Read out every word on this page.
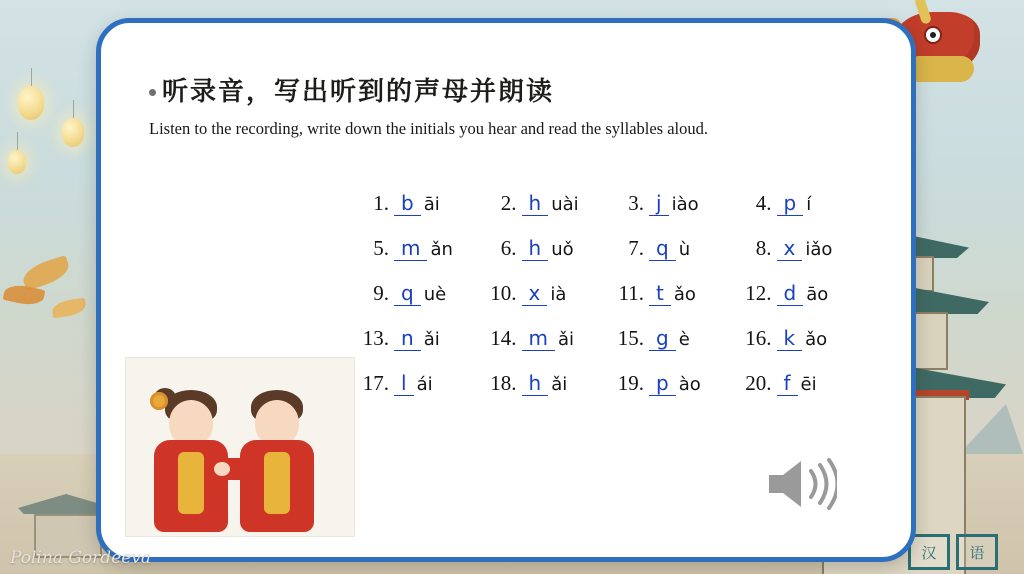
汉	语
听录音，写出听到的声母并朗读
Listen to the recording, write down the initials you hear and read the syllables aloud.
1. b āi	2. h uài	3. j iào	4. p í
5. m ǎn	6. h uǒ	7. q ù	8. x iǎo
9. q uè 10. x ià 11. t ǎo 12. d āo
13. n ǎi 14. m ǎi 15. g è	16. k ǎo
17. l ái	18. h ǎi 19. p ào 20. f ēi
Polina Gordeeva
